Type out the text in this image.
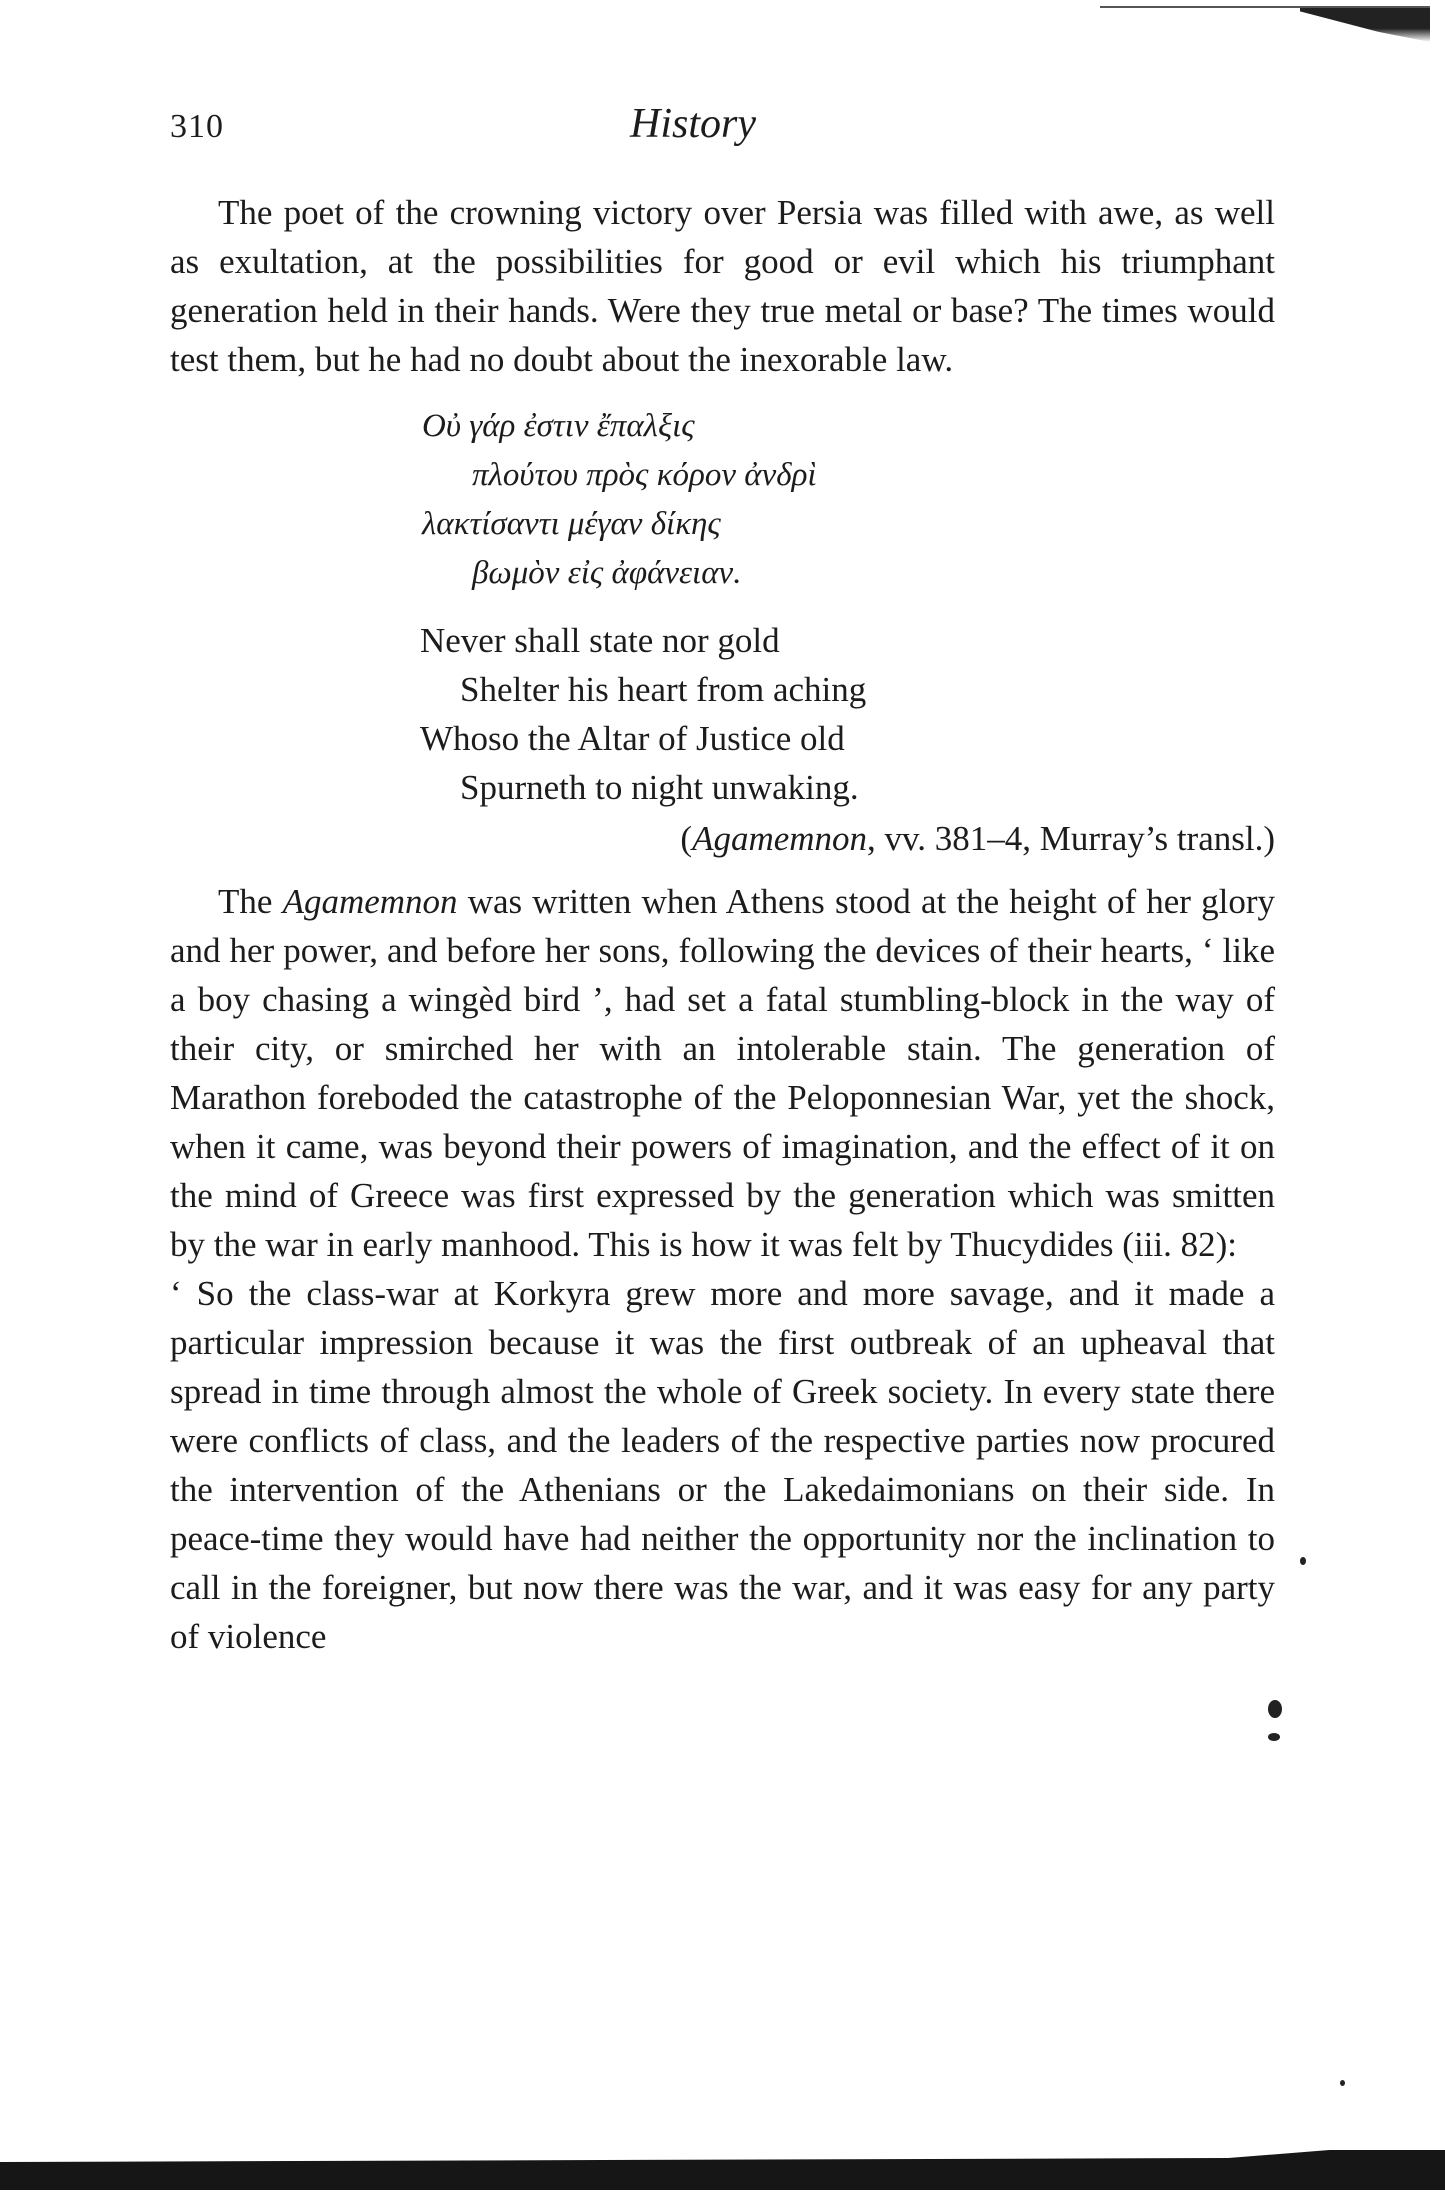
310	History

The poet of the crowning victory over Persia was filled with awe, as well as exultation, at the possibilities for good or evil which his triumphant generation held in their hands. Were they true metal or base? The times would test them, but he had no doubt about the inexorable law.

Οὐ γάρ ἐστιν ἔπαλξις
πλούτου πρὸς κόρον ἀνδρὶ
λακτίσαντι μέγαν δίκης
βωμὸν εἰς ἀφάνειαν.
Never shall state nor gold
Shelter his heart from aching
Whoso the Altar of Justice old
Spurneth to night unwaking.
(Agamemnon, vv. 381–4, Murray’s transl.)

The Agamemnon was written when Athens stood at the height of her glory and her power, and before her sons, following the devices of their hearts, ‘ like a boy chasing a wingèd bird ’, had set a fatal stumbling-block in the way of their city, or smirched her with an intolerable stain. The generation of Marathon foreboded the catastrophe of the Peloponnesian War, yet the shock, when it came, was beyond their powers of imagination, and the effect of it on the mind of Greece was first expressed by the generation which was smitten by the war in early manhood. This is how it was felt by Thucydides (iii. 82):

‘ So the class-war at Korkyra grew more and more savage, and it made a particular impression because it was the first outbreak of an upheaval that spread in time through almost the whole of Greek society. In every state there were conflicts of class, and the leaders of the respective parties now procured the intervention of the Athenians or the Lakedaimonians on their side. In peace-time they would have had neither the opportunity nor the inclination to call in the foreigner, but now there was the war, and it was easy for any party of violence
